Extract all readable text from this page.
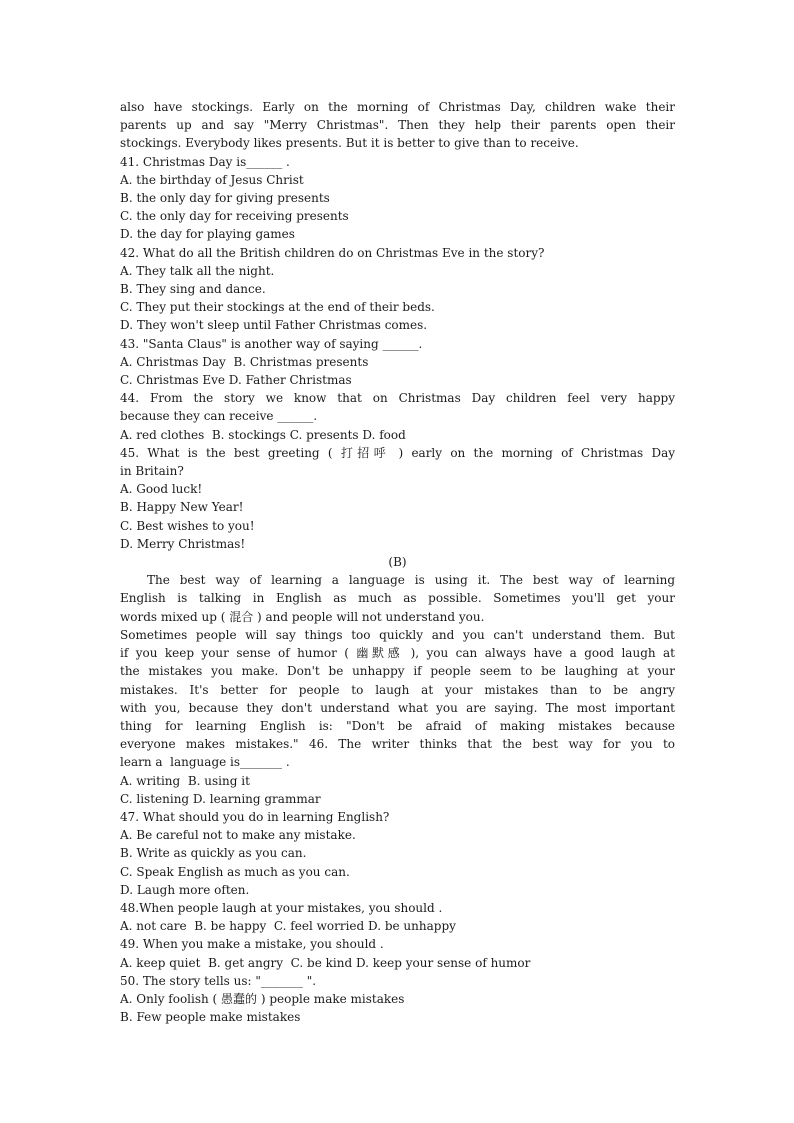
also have stockings. Early on the morning of Christmas Day, children wake their
parents up and say "Merry Christmas". Then they help their parents open their
stockings. Everybody likes presents. But it is better to give than to receive.
41. Christmas Day is______ .
A. the birthday of Jesus Christ
B. the only day for giving presents
C. the only day for receiving presents
D. the day for playing games
42. What do all the British children do on Christmas Eve in the story?
A. They talk all the night.
B. They sing and dance.
C. They put their stockings at the end of their beds.
D. They won't sleep until Father Christmas comes.
43. "Santa Claus" is another way of saying ______.
A. Christmas Day  B. Christmas presents
C. Christmas Eve D. Father Christmas
44. From the story we know that on Christmas Day children feel very happy
because they can receive ______.
A. red clothes  B. stockings C. presents D. food
45. What is the best greeting ( 打招呼 ) early on the morning of Christmas Day
in Britain?
A. Good luck!
B. Happy New Year!
C. Best wishes to you!
D. Merry Christmas!
(B)
The best way of learning a language is using it. The best way of learning
English is talking in English as much as possible. Sometimes you'll get your
words mixed up ( 混合 ) and people will not understand you.
Sometimes people will say things too quickly and you can't understand them. But
if you keep your sense of humor ( 幽默感 ), you can always have a good laugh at
the mistakes you make. Don't be unhappy if people seem to be laughing at your
mistakes. It's better for people to laugh at your mistakes than to be angry
with you, because they don't understand what you are saying. The most important
thing for learning English is: "Don't be afraid of making mistakes because
everyone makes mistakes." 46. The writer thinks that the best way for you to
learn a  language is_______ .
A. writing  B. using it
C. listening D. learning grammar
47. What should you do in learning English?
A. Be careful not to make any mistake.
B. Write as quickly as you can.
C. Speak English as much as you can.
D. Laugh more often.
48.When people laugh at your mistakes, you should .
A. not care  B. be happy  C. feel worried D. be unhappy
49. When you make a mistake, you should .
A. keep quiet  B. get angry  C. be kind D. keep your sense of humor
50. The story tells us: "_______ ".
A. Only foolish ( 愚蠢的 ) people make mistakes
B. Few people make mistakes
